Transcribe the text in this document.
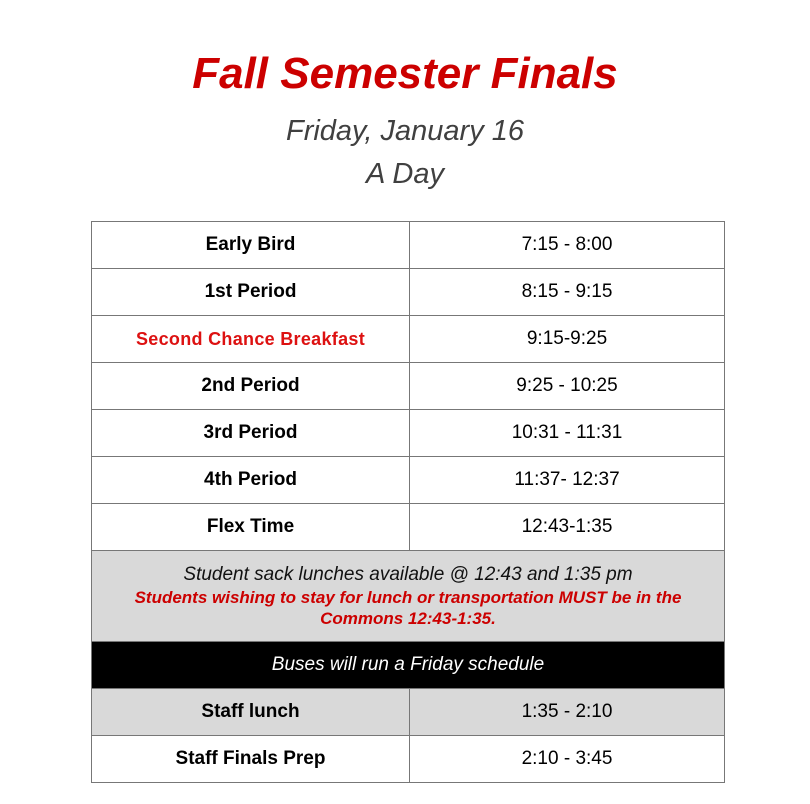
Fall Semester Finals
Friday, January 16
A Day
Early Bird	7:15 - 8:00
1st Period	8:15 - 9:15
Second Chance Breakfast	9:15-9:25
2nd Period	9:25 - 10:25
3rd Period	10:31 - 11:31
4th Period	11:37- 12:37
Flex Time	12:43-1:35

Student sack lunches available @ 12:43 and 1:35 pm
Students wishing to stay for lunch or transportation MUST be in the Commons 12:43-1:35.	

Buses will run a Friday schedule	
Staff lunch	1:35 - 2:10
Staff Finals Prep	2:10 - 3:45
